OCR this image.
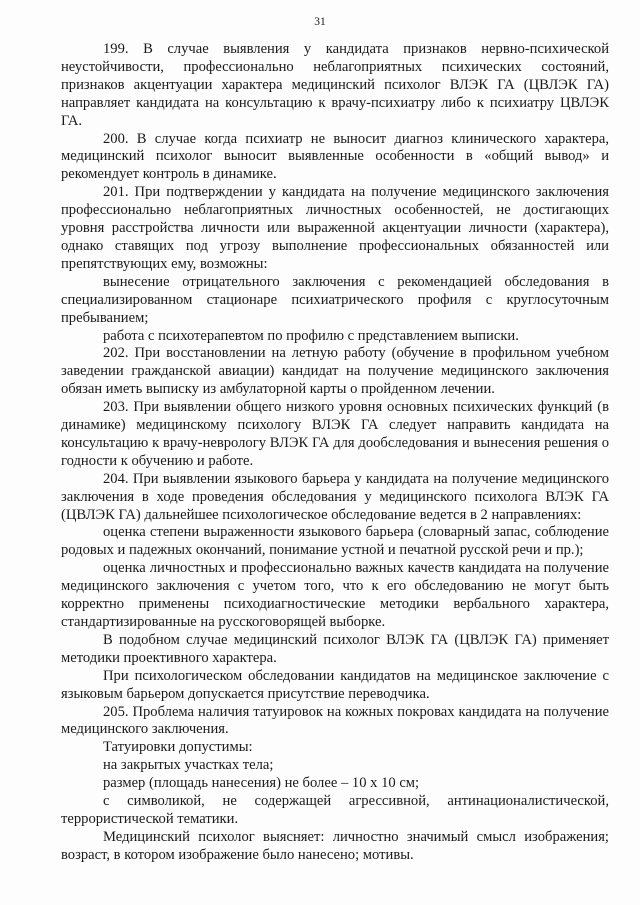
31

199. В случае выявления у кандидата признаков нервно-психической неустойчивости, профессионально неблагоприятных психических состояний, признаков акцентуации характера медицинский психолог ВЛЭК ГА (ЦВЛЭК ГА) направляет кандидата на консультацию к врачу-психиатру либо к психиатру ЦВЛЭК ГА.

200. В случае когда психиатр не выносит диагноз клинического характера, медицинский психолог выносит выявленные особенности в «общий вывод» и рекомендует контроль в динамике.

201. При подтверждении у кандидата на получение медицинского заключения профессионально неблагоприятных личностных особенностей, не достигающих уровня расстройства личности или выраженной акцентуации личности (характера), однако ставящих под угрозу выполнение профессиональных обязанностей или препятствующих ему, возможны:

вынесение отрицательного заключения с рекомендацией обследования в специализированном стационаре психиатрического профиля с круглосуточным пребыванием;

работа с психотерапевтом по профилю с представлением выписки.

202. При восстановлении на летную работу (обучение в профильном учебном заведении гражданской авиации) кандидат на получение медицинского заключения обязан иметь выписку из амбулаторной карты о пройденном лечении.

203. При выявлении общего низкого уровня основных психических функций (в динамике) медицинскому психологу ВЛЭК ГА следует направить кандидата на консультацию к врачу-неврологу ВЛЭК ГА для дообследования и вынесения решения о годности к обучению и работе.

204. При выявлении языкового барьера у кандидата на получение медицинского заключения в ходе проведения обследования у медицинского психолога ВЛЭК ГА (ЦВЛЭК ГА) дальнейшее психологическое обследование ведется в 2 направлениях:

оценка степени выраженности языкового барьера (словарный запас, соблюдение родовых и падежных окончаний, понимание устной и печатной русской речи и пр.);

оценка личностных и профессионально важных качеств кандидата на получение медицинского заключения с учетом того, что к его обследованию не могут быть корректно применены психодиагностические методики вербального характера, стандартизированные на русскоговорящей выборке.

В подобном случае медицинский психолог ВЛЭК ГА (ЦВЛЭК ГА) применяет методики проективного характера.

При психологическом обследовании кандидатов на медицинское заключение с языковым барьером допускается присутствие переводчика.

205. Проблема наличия татуировок на кожных покровах кандидата на получение медицинского заключения.

Татуировки допустимы:

на закрытых участках тела;

размер (площадь нанесения) не более – 10 х 10 см;

с символикой, не содержащей агрессивной, антинационалистической, террористической тематики.

Медицинский психолог выясняет: личностно значимый смысл изображения; возраст, в котором изображение было нанесено; мотивы.
